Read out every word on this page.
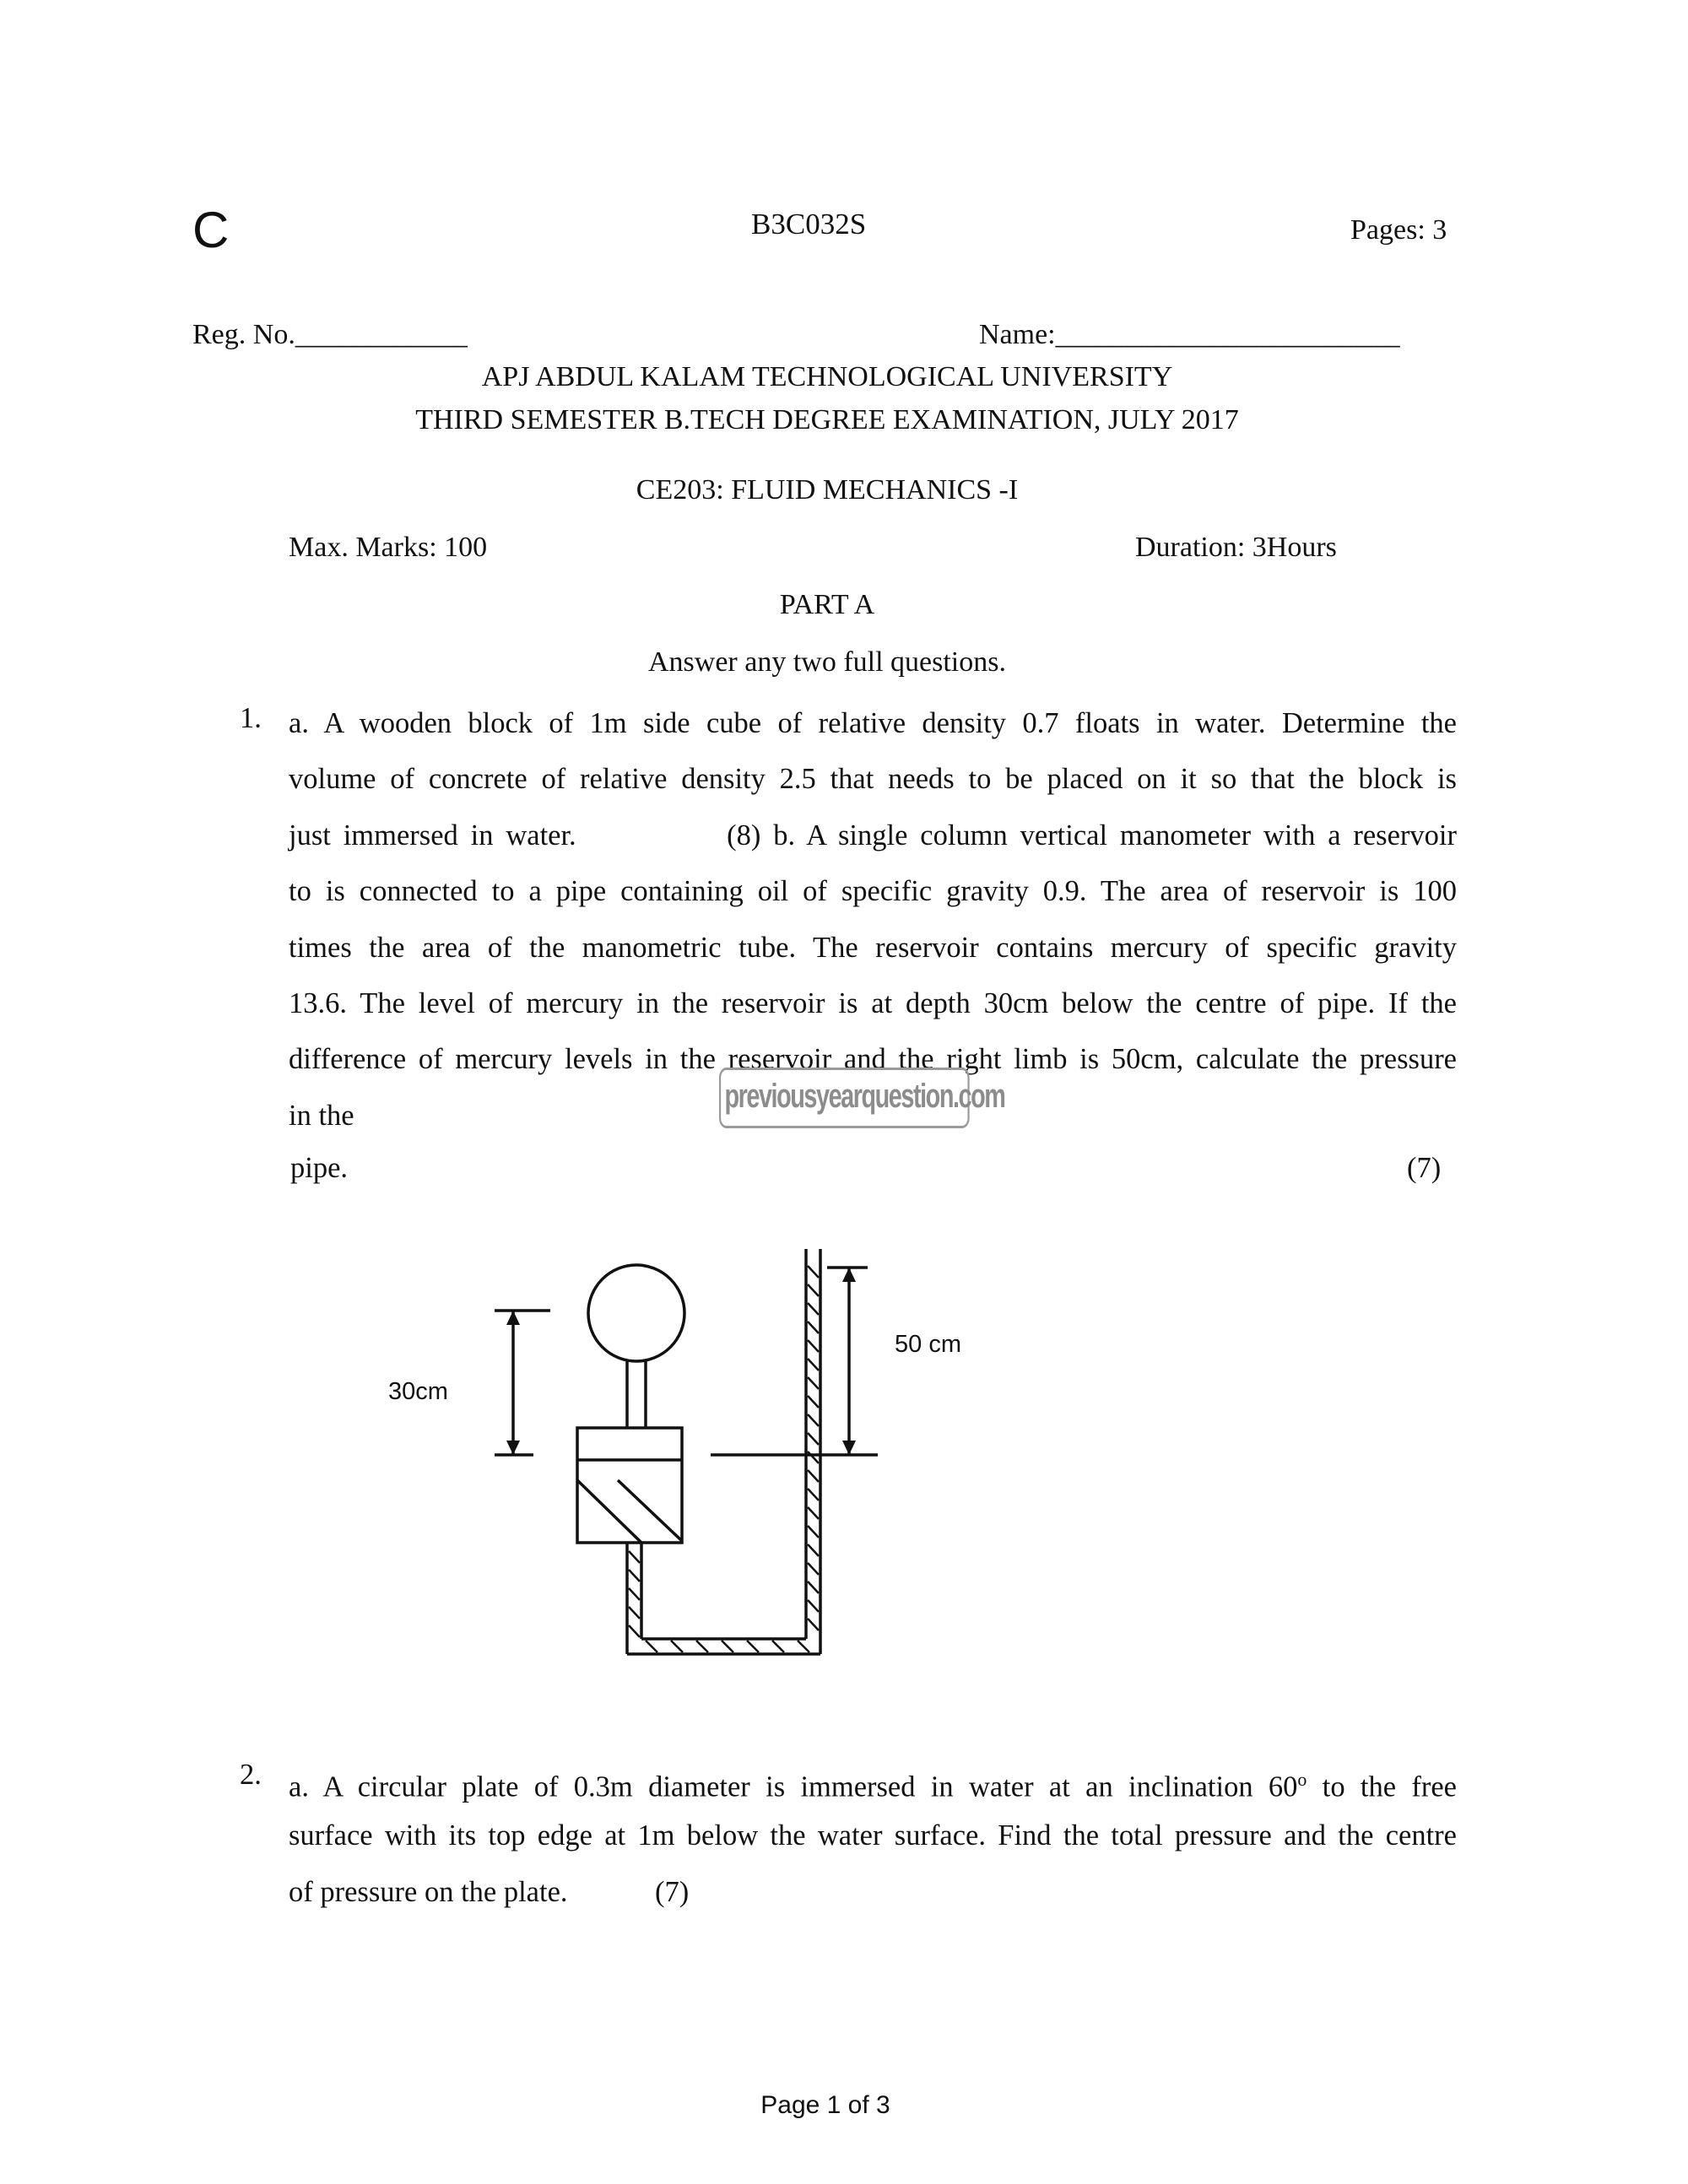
C	B3C032S	Pages: 3
Reg. No.____________	Name:________________________
APJ ABDUL KALAM TECHNOLOGICAL UNIVERSITY
THIRD SEMESTER B.TECH DEGREE EXAMINATION, JULY 2017
CE203: FLUID MECHANICS -I
Max. Marks: 100	Duration: 3Hours
PART A
Answer any two full questions.
1. a. A wooden block of 1m side cube of relative density 0.7 floats in water. Determine the
volume of concrete of relative density 2.5 that needs to be placed on it so that the block is
just immersed in water.            (8) b. A single column vertical manometer with a reservoir
to is connected to a pipe containing oil of specific gravity 0.9. The area of reservoir is 100
times the area of the manometric tube. The reservoir contains mercury of specific gravity
13.6. The level of mercury in the reservoir is at depth 30cm below the centre of pipe. If the
difference of mercury levels in the reservoir and the right limb is 50cm, calculate the pressure
in the
pipe.	(7)
previousyearquestion.com
30cm
50 cm
2. a. A circular plate of 0.3m diameter is immersed in water at an inclination 60$^o$ to the free
surface with its top edge at 1m below the water surface. Find the total pressure and the centre
of pressure on the plate.            (7)
Page 1 of 3
